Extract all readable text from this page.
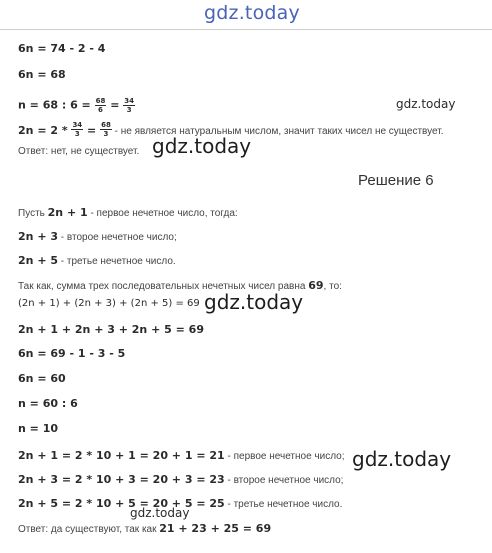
gdz.today
6n = 74 - 2 - 4
6n = 68
n = 68 : $6 = \frac{68}{6} = \frac{34}{3}$	gdz.today
$2n = 2 * \frac{34}{3} = \frac{68}{3}$ - не является натуральным числом, значит таких чисел не существует.
Ответ: нет, не существует. gdz.today
Решение 6
Пусть 2n + 1 - первое нечетное число, тогда:
2n + 3 - второе нечетное число;
2n + 5 - третье нечетное число.
Так как, сумма трех последовательных нечетных чисел равна 69, то:
(2n + 1) + (2n + 3) + (2n + 5) = 69 gdz.today
2n + 1 + 2n + 3 + 2n + 5 = 69
6n = 69 - 1 - 3 - 5
6n = 60
n = 60 : 6
n = 10
2n + 1 = 2 * 10 + 1 = 20 + 1 = 21 - первое нечетное число; gdz.today
2n + 3 = 2 * 10 + 3 = 20 + 3 = 23 - второе нечетное число;
2n + 5 = 2 * 10 + 5 = 20 + 5 = 25 - третье нечетное число.
gdz.today
Ответ: да существуют, так как 21 + 23 + 25 = 69
